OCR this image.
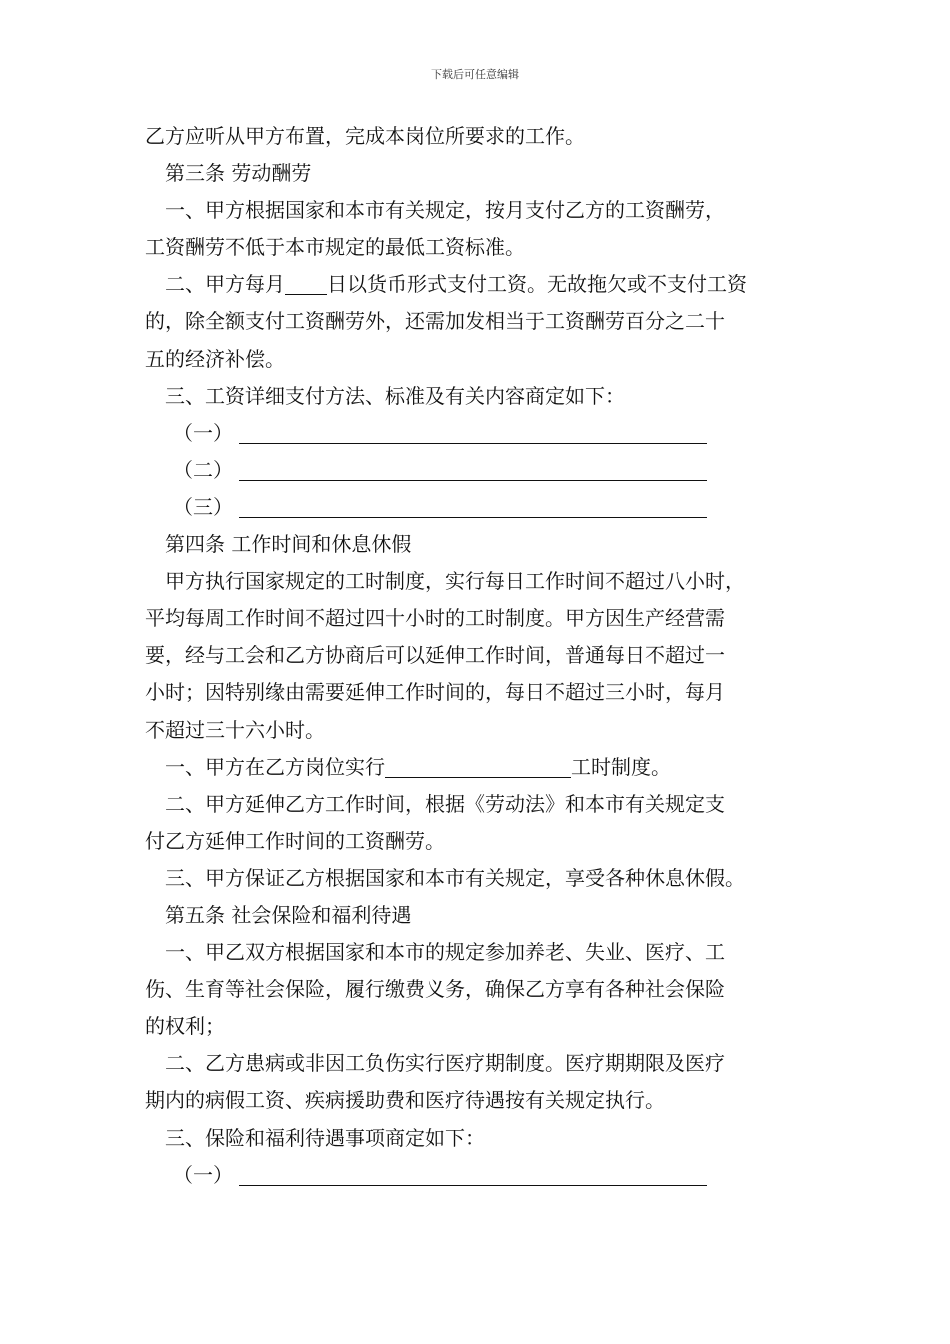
下载后可任意编辑
乙方应听从甲方布置，完成本岗位所要求的工作。
第三条 劳动酬劳
一、甲方根据国家和本市有关规定，按月支付乙方的工资酬劳，
工资酬劳不低于本市规定的最低工资标准。
二、甲方每月 日以货币形式支付工资。无故拖欠或不支付工资
的，除全额支付工资酬劳外，还需加发相当于工资酬劳百分之二十
五的经济补偿。
三、工资详细支付方法、标准及有关内容商定如下：
（一）
（二）
（三）
第四条 工作时间和休息休假
甲方执行国家规定的工时制度，实行每日工作时间不超过八小时，
平均每周工作时间不超过四十小时的工时制度。甲方因生产经营需
要，经与工会和乙方协商后可以延伸工作时间，普通每日不超过一
小时；因特别缘由需要延伸工作时间的，每日不超过三小时，每月
不超过三十六小时。
一、甲方在乙方岗位实行	工时制度。
二、甲方延伸乙方工作时间，根据《劳动法》和本市有关规定支
付乙方延伸工作时间的工资酬劳。
三、甲方保证乙方根据国家和本市有关规定，享受各种休息休假。
第五条 社会保险和福利待遇
一、甲乙双方根据国家和本市的规定参加养老、失业、医疗、工
伤、生育等社会保险，履行缴费义务，确保乙方享有各种社会保险
的权利；
二、乙方患病或非因工负伤实行医疗期制度。医疗期期限及医疗
期内的病假工资、疾病援助费和医疗待遇按有关规定执行。
三、保险和福利待遇事项商定如下：
（一）
